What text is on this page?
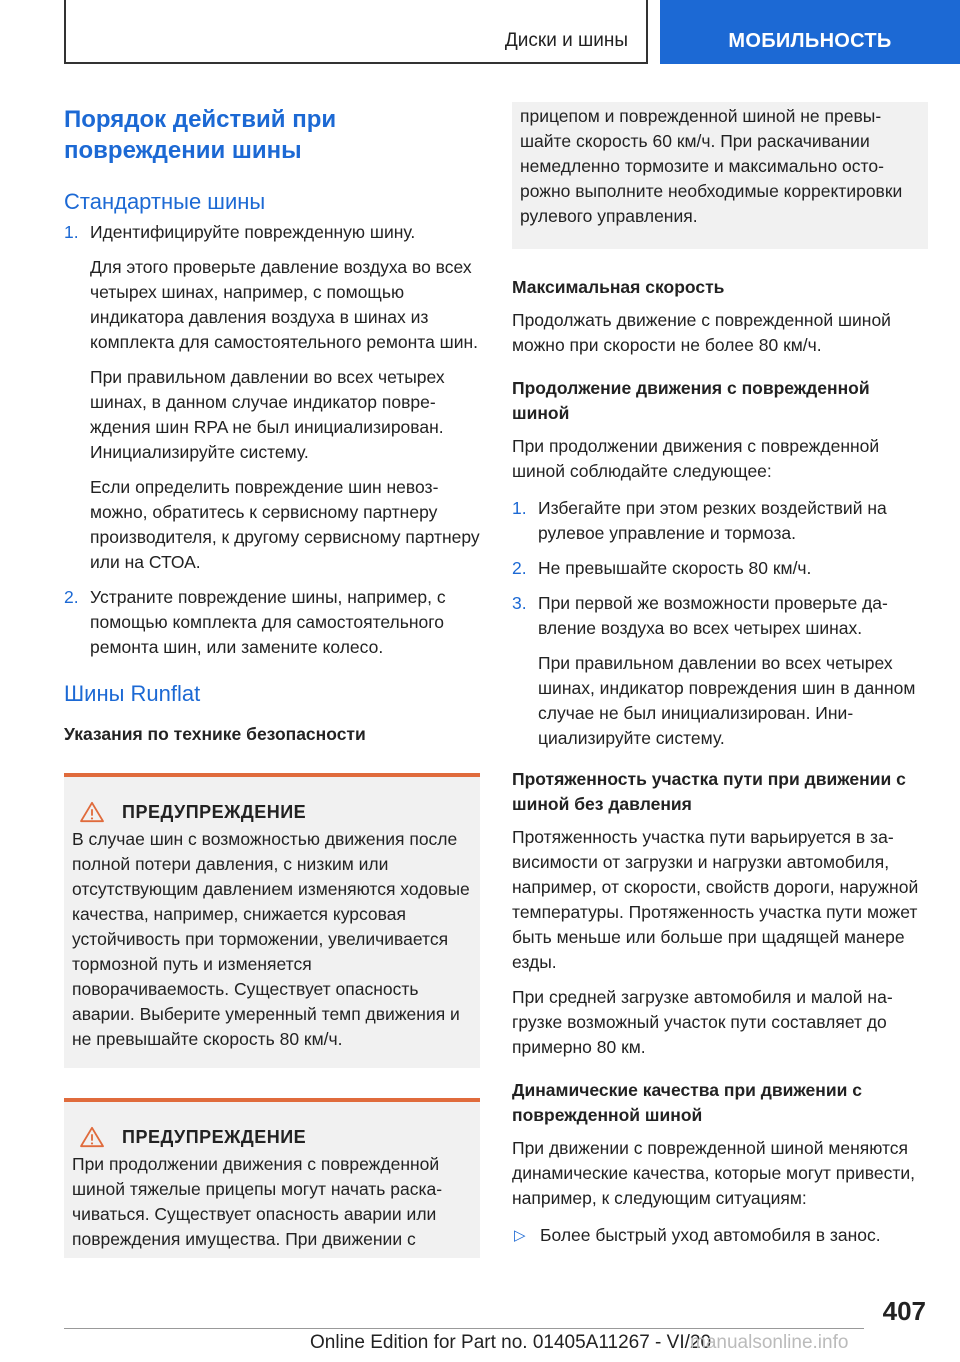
Диски и шины	МОБИЛЬНОСТЬ
Порядок действий при повреждении шины
Стандартные шины
1. Идентифицируйте поврежденную шину.

Для этого проверьте давление воздуха во всех четырех шинах, например, с помощью индикатора давления воздуха в шинах из комплекта для самостоятельного ремонта шин.

При правильном давлении во всех четырех шинах, в данном случае индикатор повреждения шин RPA не был инициализирован. Инициализируйте систему.

Если определить повреждение шин невозможно, обратитесь к сервисному партнеру производителя, к другому сервисному партнеру или на СТОА.

2. Устраните повреждение шины, например, с помощью комплекта для самостоятельного ремонта шин, или замените колесо.
Шины Runflat
Указания по технике безопасности
ПРЕДУПРЕЖДЕНИЕ

В случае шин с возможностью движения после полной потери давления, с низким или отсутствующим давлением изменяются ходовые качества, например, снижается курсовая устойчивость при торможении, увеличивается тормозной путь и изменяется поворачиваемость. Существует опасность аварии. Выберите умеренный темп движения и не превышайте скорость 80 км/ч.

ПРЕДУПРЕЖДЕНИЕ

При продолжении движения с поврежденной шиной тяжелые прицепы могут начать раскачиваться. Существует опасность аварии или повреждения имущества. При движении с

прицепом и поврежденной шиной не превышайте скорость 60 км/ч. При раскачивании немедленно тормозите и максимально осторожно выполните необходимые корректировки рулевого управления.

Максимальная скорость

Продолжать движение с поврежденной шиной можно при скорости не более 80 км/ч.

Продолжение движения с поврежденной шиной

При продолжении движения с поврежденной шиной соблюдайте следующее:

1. Избегайте при этом резких воздействий на рулевое управление и тормоза.
2. Не превышайте скорость 80 км/ч.
3. При первой же возможности проверьте давление воздуха во всех четырех шинах.

При правильном давлении во всех четырех шинах, индикатор повреждения шин в данном случае не был инициализирован. Инициализируйте систему.

Протяженность участка пути при движении с шиной без давления

Протяженность участка пути варьируется в зависимости от загрузки и нагрузки автомобиля, например, от скорости, свойств дороги, наружной температуры. Протяженность участка пути может быть меньше или больше при щадящей манере езды.

При средней загрузке автомобиля и малой нагрузке возможный участок пути составляет до примерно 80 км.

Динамические качества при движении с поврежденной шиной

При движении с поврежденной шиной меняются динамические качества, которые могут привести, например, к следующим ситуациям:

▷ Более быстрый уход автомобиля в занос.
407
Online Edition for Part no. 01405A11267 - VI/20
manualsonline.info
